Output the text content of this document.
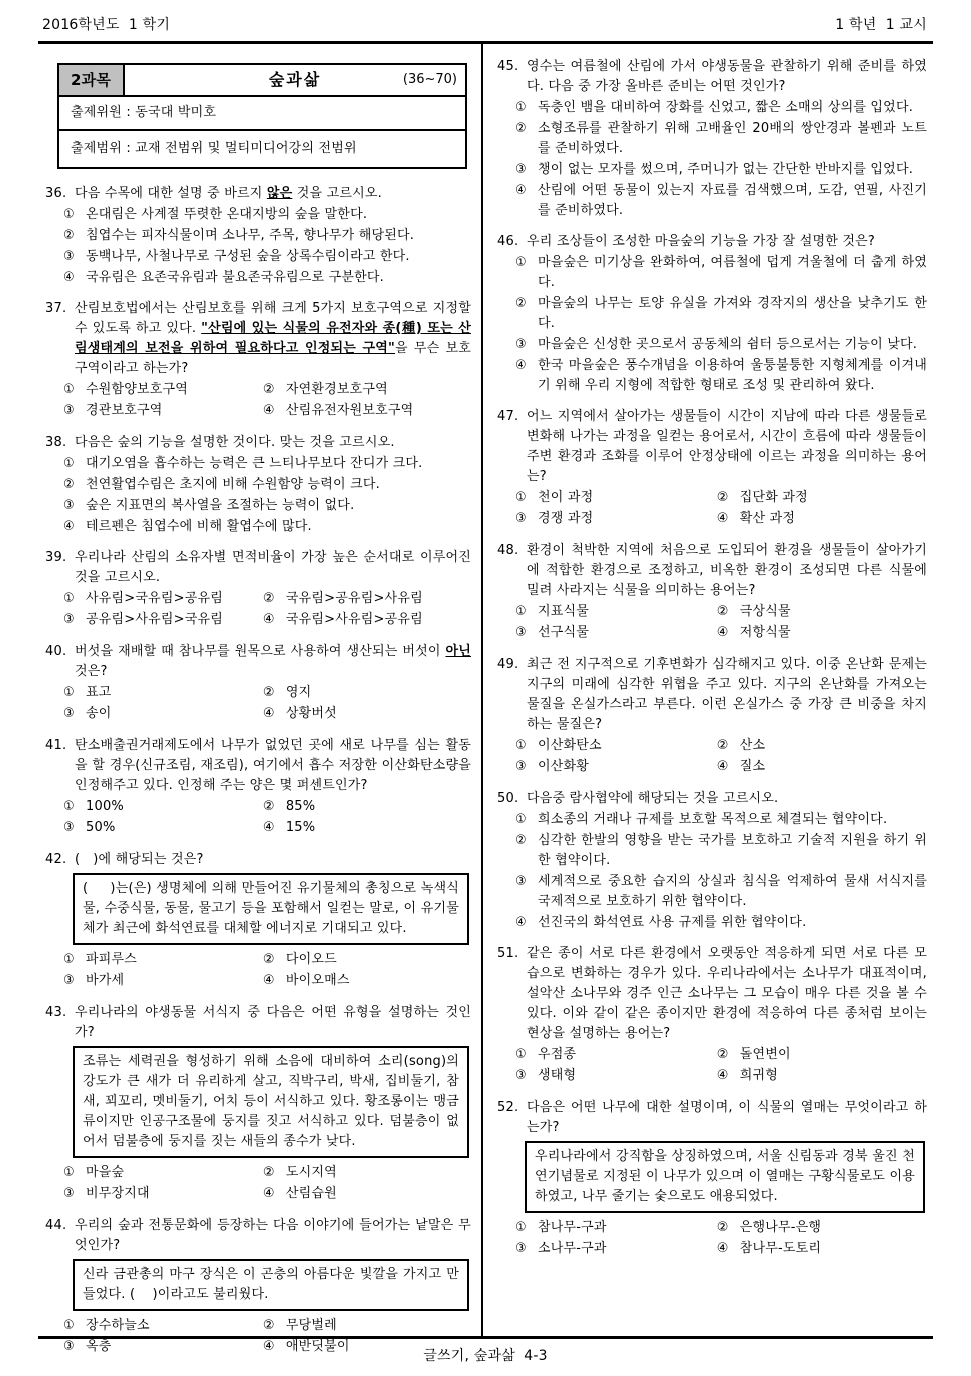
2016학년도  1 학기	1 학년  1 교시
2과목	숲과삶	(36~70)
출제위원 : 동국대 박미호
출제범위 : 교재 전범위 및 멀티미디어강의 전범위
36. 다음 수목에 대한 설명 중 바르지 않은 것을 고르시오.
① 온대림은 사계절 뚜렷한 온대지방의 숲을 말한다.
② 침엽수는 피자식물이며 소나무, 주목, 향나무가 해당된다.
③ 동백나무, 사철나무로 구성된 숲을 상록수림이라고 한다.
④ 국유림은 요존국유림과 불요존국유림으로 구분한다.
37. 산림보호법에서는 산림보호를 위해 크게 5가지 보호구역으로 지정할 수 있도록 하고 있다. "산림에 있는 식물의 유전자와 종(種) 또는 산림생태계의 보전을 위하여 필요하다고 인정되는 구역"을 무슨 보호구역이라고 하는가?
① 수원함양보호구역	② 자연환경보호구역
③ 경관보호구역	④ 산림유전자원보호구역
38. 다음은 숲의 기능을 설명한 것이다. 맞는 것을 고르시오.
① 대기오염을 흡수하는 능력은 큰 느티나무보다 잔디가 크다.
② 천연활엽수림은 초지에 비해 수원함양 능력이 크다.
③ 숲은 지표면의 복사열을 조절하는 능력이 없다.
④ 테르펜은 침엽수에 비해 활엽수에 많다.
39. 우리나라 산림의 소유자별 면적비율이 가장 높은 순서대로 이루어진 것을 고르시오.
① 사유림>국유림>공유림	② 국유림>공유림>사유림
③ 공유림>사유림>국유림	④ 국유림>사유림>공유림
40. 버섯을 재배할 때 참나무를 원목으로 사용하여 생산되는 버섯이 아닌 것은?
① 표고	② 영지
③ 송이	④ 상황버섯
41. 탄소배출권거래제도에서 나무가 없었던 곳에 새로 나무를 심는 활동을 할 경우(신규조림, 재조림), 여기에서 흡수 저장한 이산화탄소량을 인정해주고 있다. 인정해 주는 양은 몇 퍼센트인가?
① 100%	② 85%
③ 50%	④ 15%
42. (   )에 해당되는 것은?
(     )는(은) 생명체에 의해 만들어진 유기물체의 총칭으로 녹색식물, 수중식물, 동물, 물고기 등을 포함해서 일컫는 말로, 이 유기물체가 최근에 화석연료를 대체할 에너지로 기대되고 있다.
① 파피루스	② 다이오드
③ 바가세	④ 바이오매스
43. 우리나라의 야생동물 서식지 중 다음은 어떤 유형을 설명하는 것인가?
조류는 세력권을 형성하기 위해 소음에 대비하여 소리(song)의 강도가 큰 새가 더 유리하게 살고, 직박구리, 박새, 집비둘기, 참새, 꾀꼬리, 멧비둘기, 어치 등이 서식하고 있다. 황조롱이는 맹금류이지만 인공구조물에 둥지를 짓고 서식하고 있다. 덤불층이 없어서 덤불층에 둥지를 짓는 새들의 종수가 낮다.
① 마을숲	② 도시지역
③ 비무장지대	④ 산림습원
44. 우리의 숲과 전통문화에 등장하는 다음 이야기에 들어가는 낱말은 무엇인가?
신라 금관총의 마구 장식은 이 곤충의 아름다운 빛깔을 가지고 만들었다. (    )이라고도 불리웠다.
① 장수하늘소	② 무당벌레
③ 옥충	④ 애반딧불이
45. 영수는 여름철에 산림에 가서 야생동물을 관찰하기 위해 준비를 하였다. 다음 중 가장 올바른 준비는 어떤 것인가?
① 독충인 뱀을 대비하여 장화를 신었고, 짧은 소매의 상의를 입었다.
② 소형조류를 관찰하기 위해 고배율인 20배의 쌍안경과 볼펜과 노트를 준비하였다.
③ 챙이 없는 모자를 썼으며, 주머니가 없는 간단한 반바지를 입었다.
④ 산림에 어떤 동물이 있는지 자료를 검색했으며, 도감, 연필, 사진기를 준비하였다.
46. 우리 조상들이 조성한 마을숲의 기능을 가장 잘 설명한 것은?
① 마을숲은 미기상을 완화하여, 여름철에 덥게 겨울철에 더 춥게 하였다.
② 마을숲의 나무는 토양 유실을 가져와 경작지의 생산을 낮추기도 한다.
③ 마을숲은 신성한 곳으로서 공동체의 쉼터 등으로서는 기능이 낮다.
④ 한국 마을숲은 풍수개념을 이용하여 울퉁불퉁한 지형체계를 이겨내기 위해 우리 지형에 적합한 형태로 조성 및 관리하여 왔다.
47. 어느 지역에서 살아가는 생물들이 시간이 지남에 따라 다른 생물들로 변화해 나가는 과정을 일컫는 용어로서, 시간이 흐름에 따라 생물들이 주변 환경과 조화를 이루어 안정상태에 이르는 과정을 의미하는 용어는?
① 천이 과정	② 집단화 과정
③ 경쟁 과정	④ 확산 과정
48. 환경이 척박한 지역에 처음으로 도입되어 환경을 생물들이 살아가기에 적합한 환경으로 조정하고, 비옥한 환경이 조성되면 다른 식물에 밀려 사라지는 식물을 의미하는 용어는?
① 지표식물	② 극상식물
③ 선구식물	④ 저항식물
49. 최근 전 지구적으로 기후변화가 심각해지고 있다. 이중 온난화 문제는 지구의 미래에 심각한 위협을 주고 있다. 지구의 온난화를 가져오는 물질을 온실가스라고 부른다. 이런 온실가스 중 가장 큰 비중을 차지하는 물질은?
① 이산화탄소	② 산소
③ 이산화황	④ 질소
50. 다음중 람사협약에 해당되는 것을 고르시오.
① 희소종의 거래나 규제를 보호할 목적으로 체결되는 협약이다.
② 심각한 한발의 영향을 받는 국가를 보호하고 기술적 지원을 하기 위한 협약이다.
③ 세계적으로 중요한 습지의 상실과 침식을 억제하여 물새 서식지를 국제적으로 보호하기 위한 협약이다.
④ 선진국의 화석연료 사용 규제를 위한 협약이다.
51. 같은 종이 서로 다른 환경에서 오랫동안 적응하게 되면 서로 다른 모습으로 변화하는 경우가 있다. 우리나라에서는 소나무가 대표적이며, 설악산 소나무와 경주 인근 소나무는 그 모습이 매우 다른 것을 볼 수 있다. 이와 같이 같은 종이지만 환경에 적응하여 다른 종처럼 보이는 현상을 설명하는 용어는?
① 우점종	② 돌연변이
③ 생태형	④ 희귀형
52. 다음은 어떤 나무에 대한 설명이며, 이 식물의 열매는 무엇이라고 하는가?
우리나라에서 강직함을 상징하였으며, 서울 신림동과 경북 울진 천연기념물로 지정된 이 나무가 있으며 이 열매는 구황식물로도 이용하였고, 나무 줄기는 숯으로도 애용되었다.
① 참나무-구과	② 은행나무-은행
③ 소나무-구과	④ 참나무-도토리
글쓰기, 숲과삶  4-3
